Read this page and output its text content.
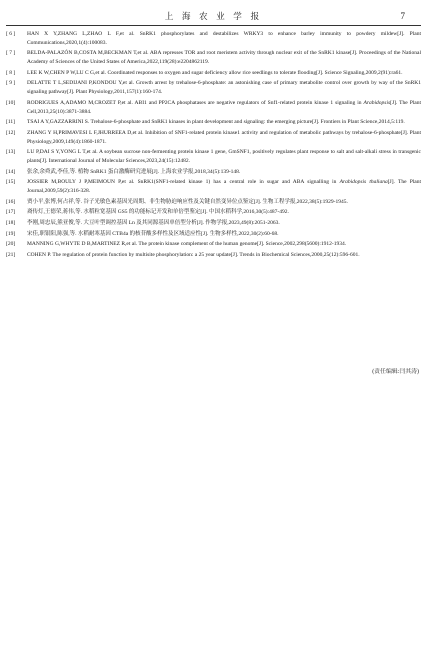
上 海 农 业 学 报	7
[ 6 ]	HAN X Y,ZHANG L,ZHAO L F,et al. SnRK1 phosphorylates and destabilizes WRKY3 to enhance barley immunity to powdery mildew[J]. Plant Communications,2020,1(4):100083.
[ 7 ]	BELDA-PALAZÓN B,COSTA M,BECKMAN T,et al. ABA represses TOR and root meristem activity through nuclear exit of the SnRK1 kinase[J]. Proceedings of the National Academy of Sciences of the United States of America,2022,119(28):e2204862119.
[ 8 ]	LEE K W,CHEN P W,LU C G,et al. Coordinated responses to oxygen and sugar deficiency allow rice seedlings to tolerate flooding[J]. Science Signaling,2009,2(91):ra61.
[ 9 ]	DELATTE T L,SEDIJANI P,KONDOU Y,et al. Growth arrest by trehalose-6-phosphate: an astonishing case of primary metabolite control over growth by way of the SnRK1 signaling pathway[J]. Plant Physiology,2011,157(1):160-174.
[10]	RODRIGUES A,ADAMO M,CROZET P,et al. ABI1 and PP2CA phosphatases are negative regulators of Snf1-related protein kinase 1 signaling in Arabidopsis[J]. The Plant Cell,2013,25(10):3871-3884.
[11]	TSAI A Y,GAZZARRINI S. Trehalose-6-phosphate and SnRK1 kinases in plant development and signaling: the emerging picture[J]. Frontiers in Plant Science,2014,5:119.
[12]	ZHANG Y H,PRIMAVESI L F,JHURREEA D,et al. Inhibition of SNF1-related protein kinase1 activity and regulation of metabolic pathways by trehalose-6-phosphate[J]. Plant Physiology,2009,149(4):1860-1871.
[13]	LU P,DAI S Y,YONG L T,et al. A soybean sucrose non-fermenting protein kinase 1 gene, GmSNF1, positively regulates plant response to salt and salt-alkali stress in transgenic plants[J]. International Journal of Molecular Sciences,2023,24(15):12482.
[14]	张余,余舜武,李佳,等. 植物 SnRK1 蛋白激酶研究进展[J]. 上海农业学报,2018,34(5):139-148.
[15]	JOSSIER M,BOULY J P,MEIMOUN P,et al. SnRK1(SNF1-related kinase 1) has a central role in sugar and ABA signalling in Arabidopsis thaliana[J]. The Plant Journal,2009,59(2):316-328.
[16]	贾小平,张博,何占祥,等. 谷子光敏色素基因光周期、非生物胁迫响应性及关键自然变异位点鉴定[J]. 生物工程学报,2022,38(5):1929-1945.
[17]	裔传灯,王德荣,蒋伟,等. 水稻粒宽基因 GS5 的功能标记开发和单倍型鉴定[J]. 中国水稻科学,2016,30(5):487-492.
[18]	李刚,周忠辰,熊亚俊,等. 大豆叶型调控基因 Ln 及其同源基因单倍型分析[J]. 作物学报,2023,49(8):2051-2063.
[19]	宋佳,职银阳,陈强,等. 水稻耐寒基因 CTB4a 的核苷酸多样性及区域适应性[J]. 生物多样性,2022,30(2):60-68.
[20]	MANNING G,WHYTE D B,MARTINEZ R,et al. The protein kinase complement of the human genome[J]. Science,2002,298(5600):1912-1934.
[21]	COHEN P. The regulation of protein function by multisite phosphorylation: a 25 year update[J]. Trends in Biochemical Sciences,2000,25(12):596-601.
(责任编辑:闫其涛)
